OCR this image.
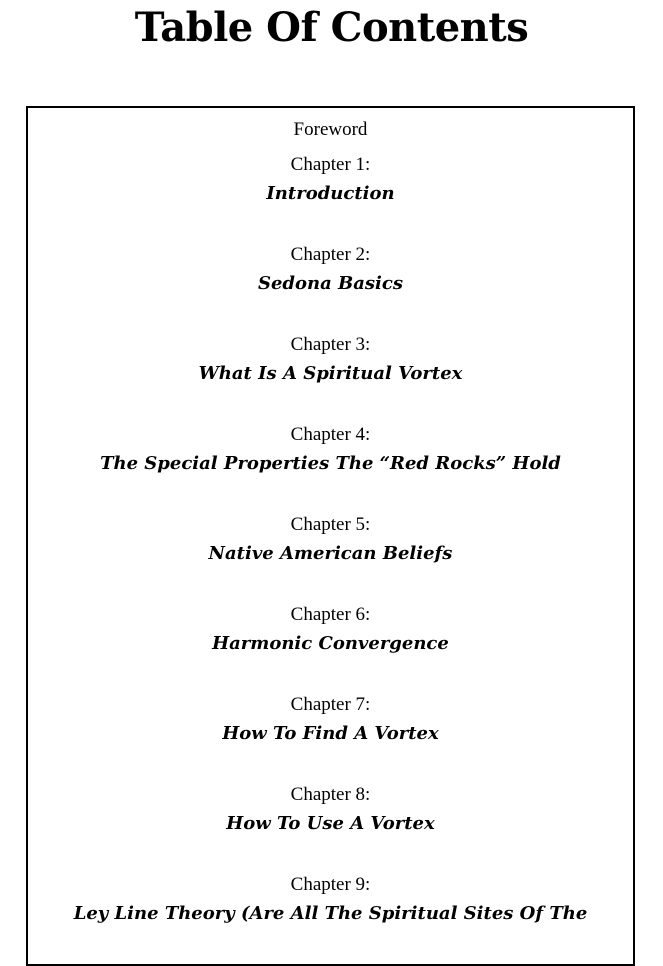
Table Of Contents
Foreword
Chapter 1:
Introduction
Chapter 2:
Sedona Basics
Chapter 3:
What Is A Spiritual Vortex
Chapter 4:
The Special Properties The “Red Rocks” Hold
Chapter 5:
Native American Beliefs
Chapter 6:
Harmonic Convergence
Chapter 7:
How To Find A Vortex
Chapter 8:
How To Use A Vortex
Chapter 9:
Ley Line Theory (Are All The Spiritual Sites Of The
